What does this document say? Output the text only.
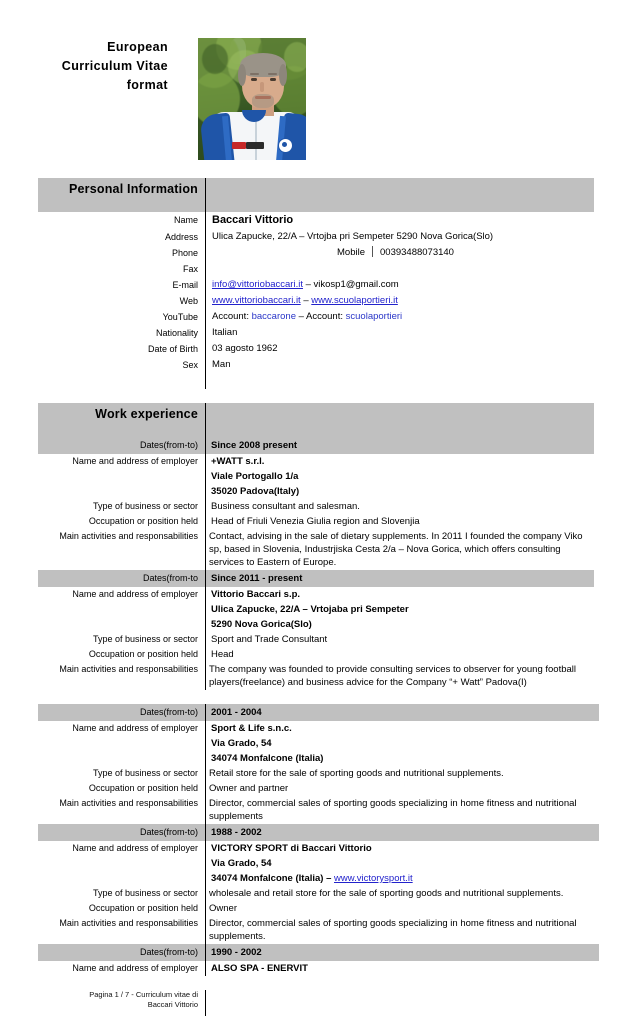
European
Curriculum Vitae
format
Personal Information	
Name	Baccari Vittorio

Address	Ulica Zapucke, 22/A – Vrtojba pri Sempeter 5290 Nova Gorica(Slo)

Phone	Mobile 00393488073140

Fax	
E-mail	info@vittoriobaccari.it – vikosp1@gmail.com
Web	www.vittoriobaccari.it – www.scuolaportieri.it
YouTube	Account: baccarone – Account: scuolaportieri
Nationality	Italian
Date of Birth	03 agosto 1962
Sex	Man

Work experience	
Dates(from-to)	Since 2008 present
Name and address of employer	+WATT s.r.l.
	Viale Portogallo 1/a
	35020 Padova(Italy)
Type of business or sector	Business consultant and salesman.
Occupation or position held	Head of Friuli Venezia Giulia region and Slovenjia
Main activities and responsabilities	Contact, advising in the sale of dietary supplements. In 2011 I founded the company Viko sp, based in Slovenia, Industrjiska Cesta 2/a – Nova Gorica, which offers consulting services to Eastern of Europe.
Dates(from-to	Since 2011 - present
Name and address of employer	Vittorio Baccari s.p.
	Ulica Zapucke, 22/A – Vrtojaba pri Sempeter
	5290 Nova Gorica(Slo)
Type of business or sector	Sport and Trade Consultant
Occupation or position held	Head
Main activities and responsabilities	The company was founded to provide consulting services to observer for young football players(freelance) and business advice for the Company “+ Watt” Padova(I)
Dates(from-to)	2001 - 2004
Name and address of employer	Sport & Life s.n.c.
	Via Grado, 54
	34074 Monfalcone (Italia)
Type of business or sector	Retail store for the sale of sporting goods and nutritional supplements.
Occupation or position held	Owner and partner
Main activities and responsabilities	Director, commercial sales of sporting goods specializing in home fitness and nutritional supplements
Dates(from-to)	1988 - 2002
Name and address of employer	VICTORY SPORT di Baccari Vittorio
	Via Grado, 54
	34074 Monfalcone (Italia) – www.victorysport.it
Type of business or sector	wholesale and retail store for the sale of sporting goods and nutritional supplements.
Occupation or position held	Owner
Main activities and responsabilities	Director, commercial sales of sporting goods specializing in home fitness and nutritional supplements.
Dates(from-to)	1990 - 2002
Name and address of employer	ALSO SPA - ENERVIT
Pagina 1 / 7 - Curriculum vitae di
Baccari Vittorio
